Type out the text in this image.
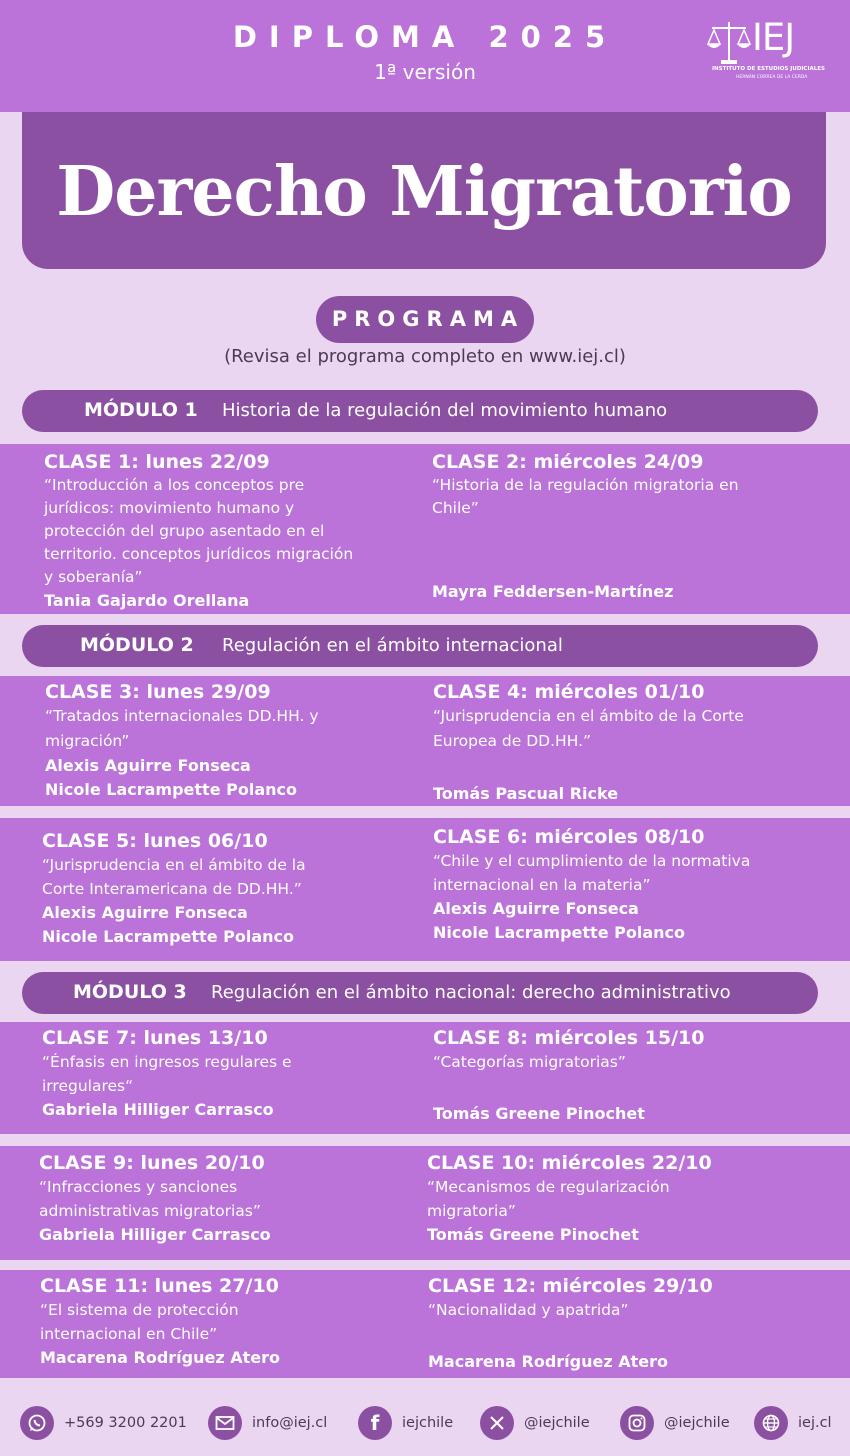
DIPLOMA 2025
1ª versión
IEJ
INSTITUTO DE ESTUDIOS JUDICIALES
HERNÁN CORREA DE LA CERDA
Derecho Migratorio
PROGRAMA
(Revisa el programa completo en www.iej.cl)
MÓDULO 1 Historia de la regulación del movimiento humano
CLASE 1: lunes 22/09
“Introducción a los conceptos pre jurídicos: movimiento humano y protección del grupo asentado en el territorio. conceptos jurídicos migración y soberanía”
Tania Gajardo Orellana
CLASE 2: miércoles 24/09
“Historia de la regulación migratoria en Chile”
Mayra Feddersen-Martínez
MÓDULO 2 Regulación en el ámbito internacional
CLASE 3: lunes 29/09
“Tratados internacionales DD.HH. y migración”
Alexis Aguirre Fonseca
Nicole Lacrampette Polanco
CLASE 4: miércoles 01/10
“Jurisprudencia en el ámbito de la Corte Europea de DD.HH.”
Tomás Pascual Ricke
CLASE 5: lunes 06/10
“Jurisprudencia en el ámbito de la Corte Interamericana de DD.HH.”
Alexis Aguirre Fonseca
Nicole Lacrampette Polanco
CLASE 6: miércoles 08/10
“Chile y el cumplimiento de la normativa internacional en la materia”
Alexis Aguirre Fonseca
Nicole Lacrampette Polanco
MÓDULO 3 Regulación en el ámbito nacional: derecho administrativo
CLASE 7: lunes 13/10
“Énfasis en ingresos regulares e irregulares“
Gabriela Hilliger Carrasco
CLASE 8: miércoles 15/10
“Categorías migratorias”
Tomás Greene Pinochet
CLASE 9: lunes 20/10
“Infracciones y sanciones administrativas migratorias”
Gabriela Hilliger Carrasco
CLASE 10: miércoles 22/10
“Mecanismos de regularización migratoria”
Tomás Greene Pinochet
CLASE 11: lunes 27/10
“El sistema de protección internacional en Chile”
Macarena Rodríguez Atero
CLASE 12: miércoles 29/10
“Nacionalidad y apatrida”
Macarena Rodríguez Atero
+569 3200 2201	info@iej.cl	f	iejchile	@iejchile	@iejchile	iej.cl
